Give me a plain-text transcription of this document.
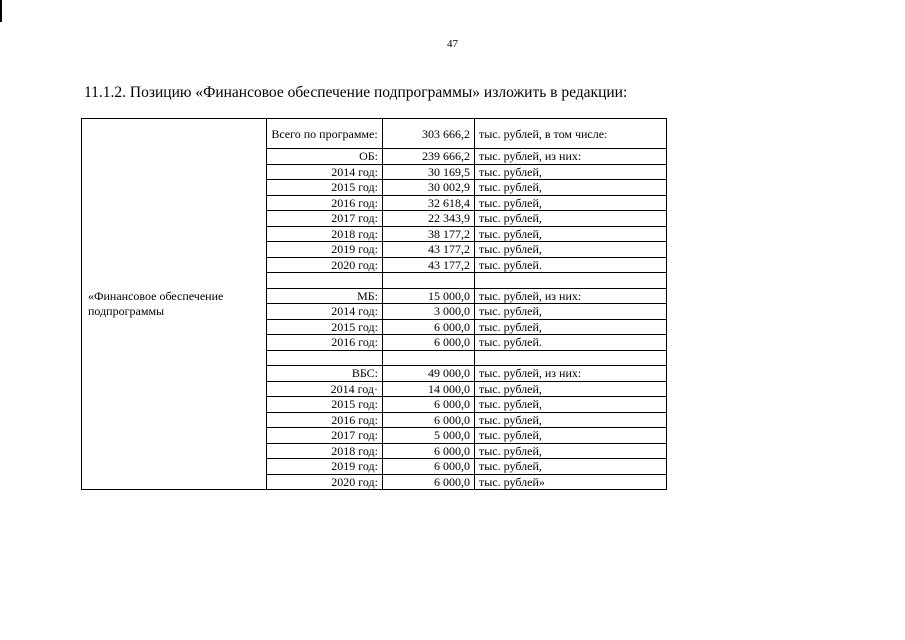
47
11.1.2. Позицию «Финансовое обеспечение подпрограммы» изложить в редакции:
«Финансовое обеспечение подпрограммы	Всего по программе:	303 666,2	тыс. рублей, в том числе:
	ОБ:	239 666,2	тыс. рублей, из них:
	2014 год:	30 169,5	тыс. рублей,
	2015 год:	30 002,9	тыс. рублей,
	2016 год:	32 618,4	тыс. рублей,
	2017 год:	22 343,9	тыс. рублей,
	2018 год:	38 177,2	тыс. рублей,
	2019 год:	43 177,2	тыс. рублей,
	2020 год:	43 177,2	тыс. рублей.

	МБ:	15 000,0	тыс. рублей, из них:
	2014 год:	3 000,0	тыс. рублей,
	2015 год:	6 000,0	тыс. рублей,
	2016 год:	6 000,0	тыс. рублей.

	ВБС:	49 000,0	тыс. рублей, из них:
	2014 год·	14 000,0	тыс. рублей,
	2015 год:	6 000,0	тыс. рублей,
	2016 год:	6 000,0	тыс. рублей,
	2017 год:	5 000,0	тыс. рублей,
	2018 год:	6 000,0	тыс. рублей,
	2019 год:	6 000,0	тыс. рублей,
	2020 год:	6 000,0	тыс. рублей»
